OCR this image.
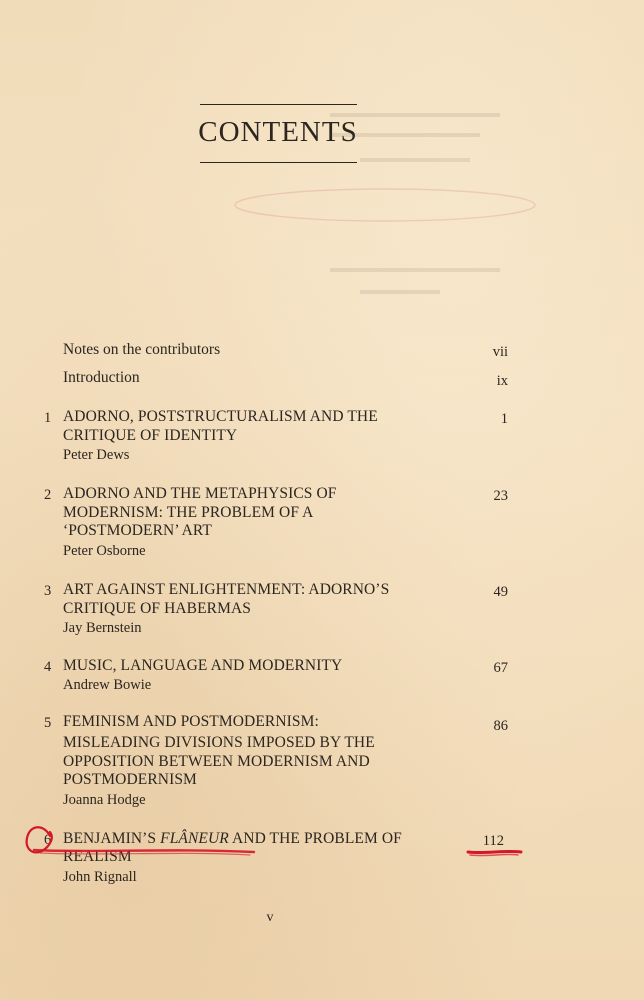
CONTENTS
Notes on the contributors	vii
Introduction	ix
1 ADORNO, POSTSTRUCTURALISM AND THE
CRITIQUE OF IDENTITY
Peter Dews
1
2 ADORNO AND THE METAPHYSICS OF
MODERNISM: THE PROBLEM OF A
‘POSTMODERN’ ART
Peter Osborne
23
3 ART AGAINST ENLIGHTENMENT: ADORNO’S
CRITIQUE OF HABERMAS
Jay Bernstein
49
4 MUSIC, LANGUAGE AND MODERNITY
Andrew Bowie
67
5 FEMINISM AND POSTMODERNISM:
MISLEADING DIVISIONS IMPOSED BY THE
OPPOSITION BETWEEN MODERNISM AND
POSTMODERNISM
Joanna Hodge
86
6 BENJAMIN’S FLÂNEUR AND THE PROBLEM OF
REALISM
John Rignall
112
v
